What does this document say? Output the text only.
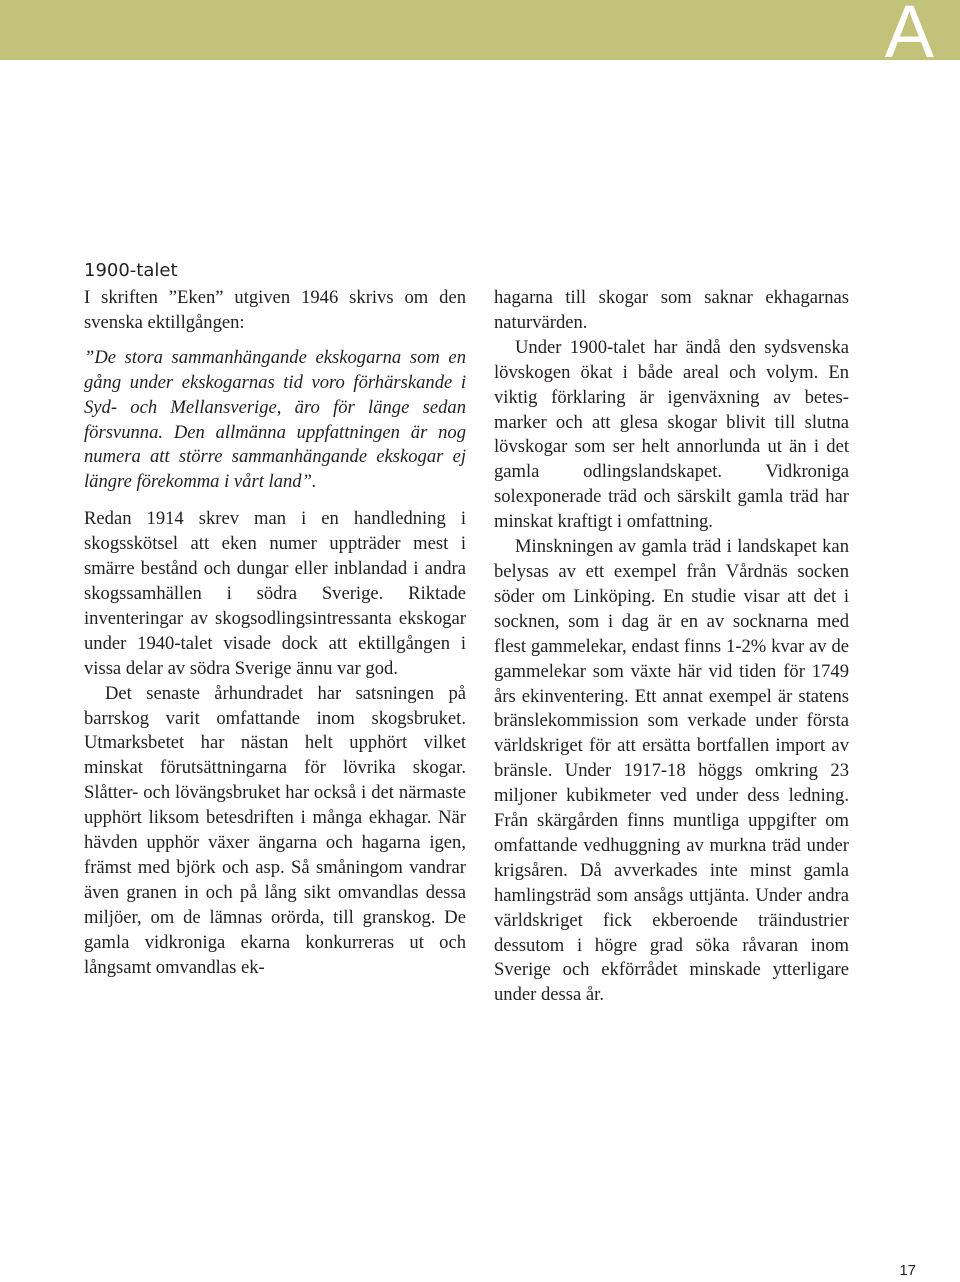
A
1900-talet

I skriften ”Eken” utgiven 1946 skrivs om den svenska ektillgången:

”De stora sammanhängande ekskogarna som en gång under ekskogarnas tid voro förhärskande i Syd- och Mellansverige, äro för länge sedan försvunna. Den allmänna uppfattningen är nog numera att större sammanhängande ekskogar ej längre förekomma i vårt land”.

Redan 1914 skrev man i en handledning i skogsskötsel att eken numer uppträder mest i smärre bestånd och dungar eller inblandad i andra skogssamhällen i södra Sverige. Riktade inventeringar av skogsodlingsintressanta ekskogar under 1940-talet visade dock att ektillgången i vissa delar av södra Sverige ännu var god.

Det senaste århundradet har satsningen på barrskog varit omfattande inom skogsbruket. Utmarksbetet har nästan helt upphört vilket minskat förutsättningarna för lövrika skogar. Slåtter- och lövängsbruket har också i det närmaste upphört liksom betesdriften i många ekhagar. När hävden upphör växer ängarna och hagarna igen, främst med björk och asp. Så småningom vandrar även granen in och på lång sikt omvandlas dessa miljöer, om de lämnas orörda, till granskog. De gamla vidkroniga ekarna konkurreras ut och långsamt omvandlas ek-

hagarna till skogar som saknar ekhagarnas naturvärden.

Under 1900-talet har ändå den sydsvenska lövskogen ökat i både areal och volym. En viktig förklaring är igenväxning av betesmarker och att glesa skogar blivit till slutna lövskogar som ser helt annorlunda ut än i det gamla odlingslandskapet. Vidkroniga solexponerade träd och särskilt gamla träd har minskat kraftigt i omfattning.

Minskningen av gamla träd i landskapet kan belysas av ett exempel från Vårdnäs socken söder om Linköping. En studie visar att det i socknen, som i dag är en av socknarna med flest gammelekar, endast finns 1-2% kvar av de gammelekar som växte här vid tiden för 1749 års ekinventering. Ett annat exempel är statens bränslekommission som verkade under första världskriget för att ersätta bortfallen import av bränsle. Under 1917-18 höggs omkring 23 miljoner kubikmeter ved under dess ledning. Från skärgården finns muntliga uppgifter om omfattande vedhuggning av murkna träd under krigsåren. Då avverkades inte minst gamla hamlingsträd som ansågs uttjänta. Under andra världskriget fick ekberoende träindustrier dessutom i högre grad söka råvaran inom Sverige och ekförrådet minskade ytterligare under dessa år.

17
